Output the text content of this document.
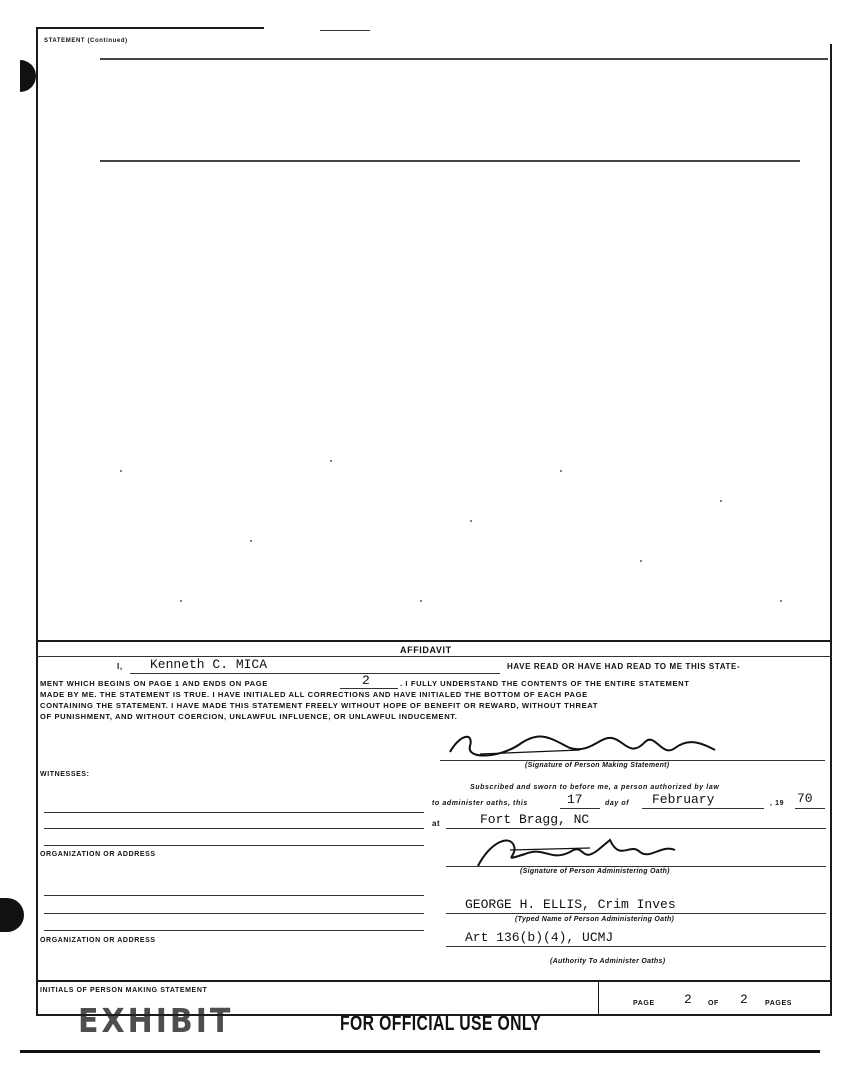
STATEMENT (Continued)
AFFIDAVIT
I, Kenneth C. MICA	HAVE READ OR HAVE HAD READ TO ME THIS STATE-
MENT WHICH BEGINS ON PAGE 1 AND ENDS ON PAGE	2	. I FULLY UNDERSTAND THE CONTENTS OF THE ENTIRE STATEMENT
MADE BY ME. THE STATEMENT IS TRUE. I HAVE INITIALED ALL CORRECTIONS AND HAVE INITIALED THE BOTTOM OF EACH PAGE
CONTAINING THE STATEMENT. I HAVE MADE THIS STATEMENT FREELY WITHOUT HOPE OF BENEFIT OR REWARD, WITHOUT THREAT
OF PUNISHMENT, AND WITHOUT COERCION, UNLAWFUL INFLUENCE, OR UNLAWFUL INDUCEMENT.
(Signature of Person Making Statement)
WITNESSES:
Subscribed and sworn to before me, a person authorized by law
to administer oaths, this	17	day of February	, 19 70
at	Fort Bragg, NC
ORGANIZATION OR ADDRESS
(Signature of Person Administering Oath)
ORGANIZATION OR ADDRESS
GEORGE H. ELLIS, Crim Inves
(Typed Name of Person Administering Oath)
Art 136(b)(4), UCMJ
(Authority To Administer Oaths)
INITIALS OF PERSON MAKING STATEMENT
PAGE 2 OF 2 PAGES
EXHIBIT	FOR OFFICIAL USE ONLY
